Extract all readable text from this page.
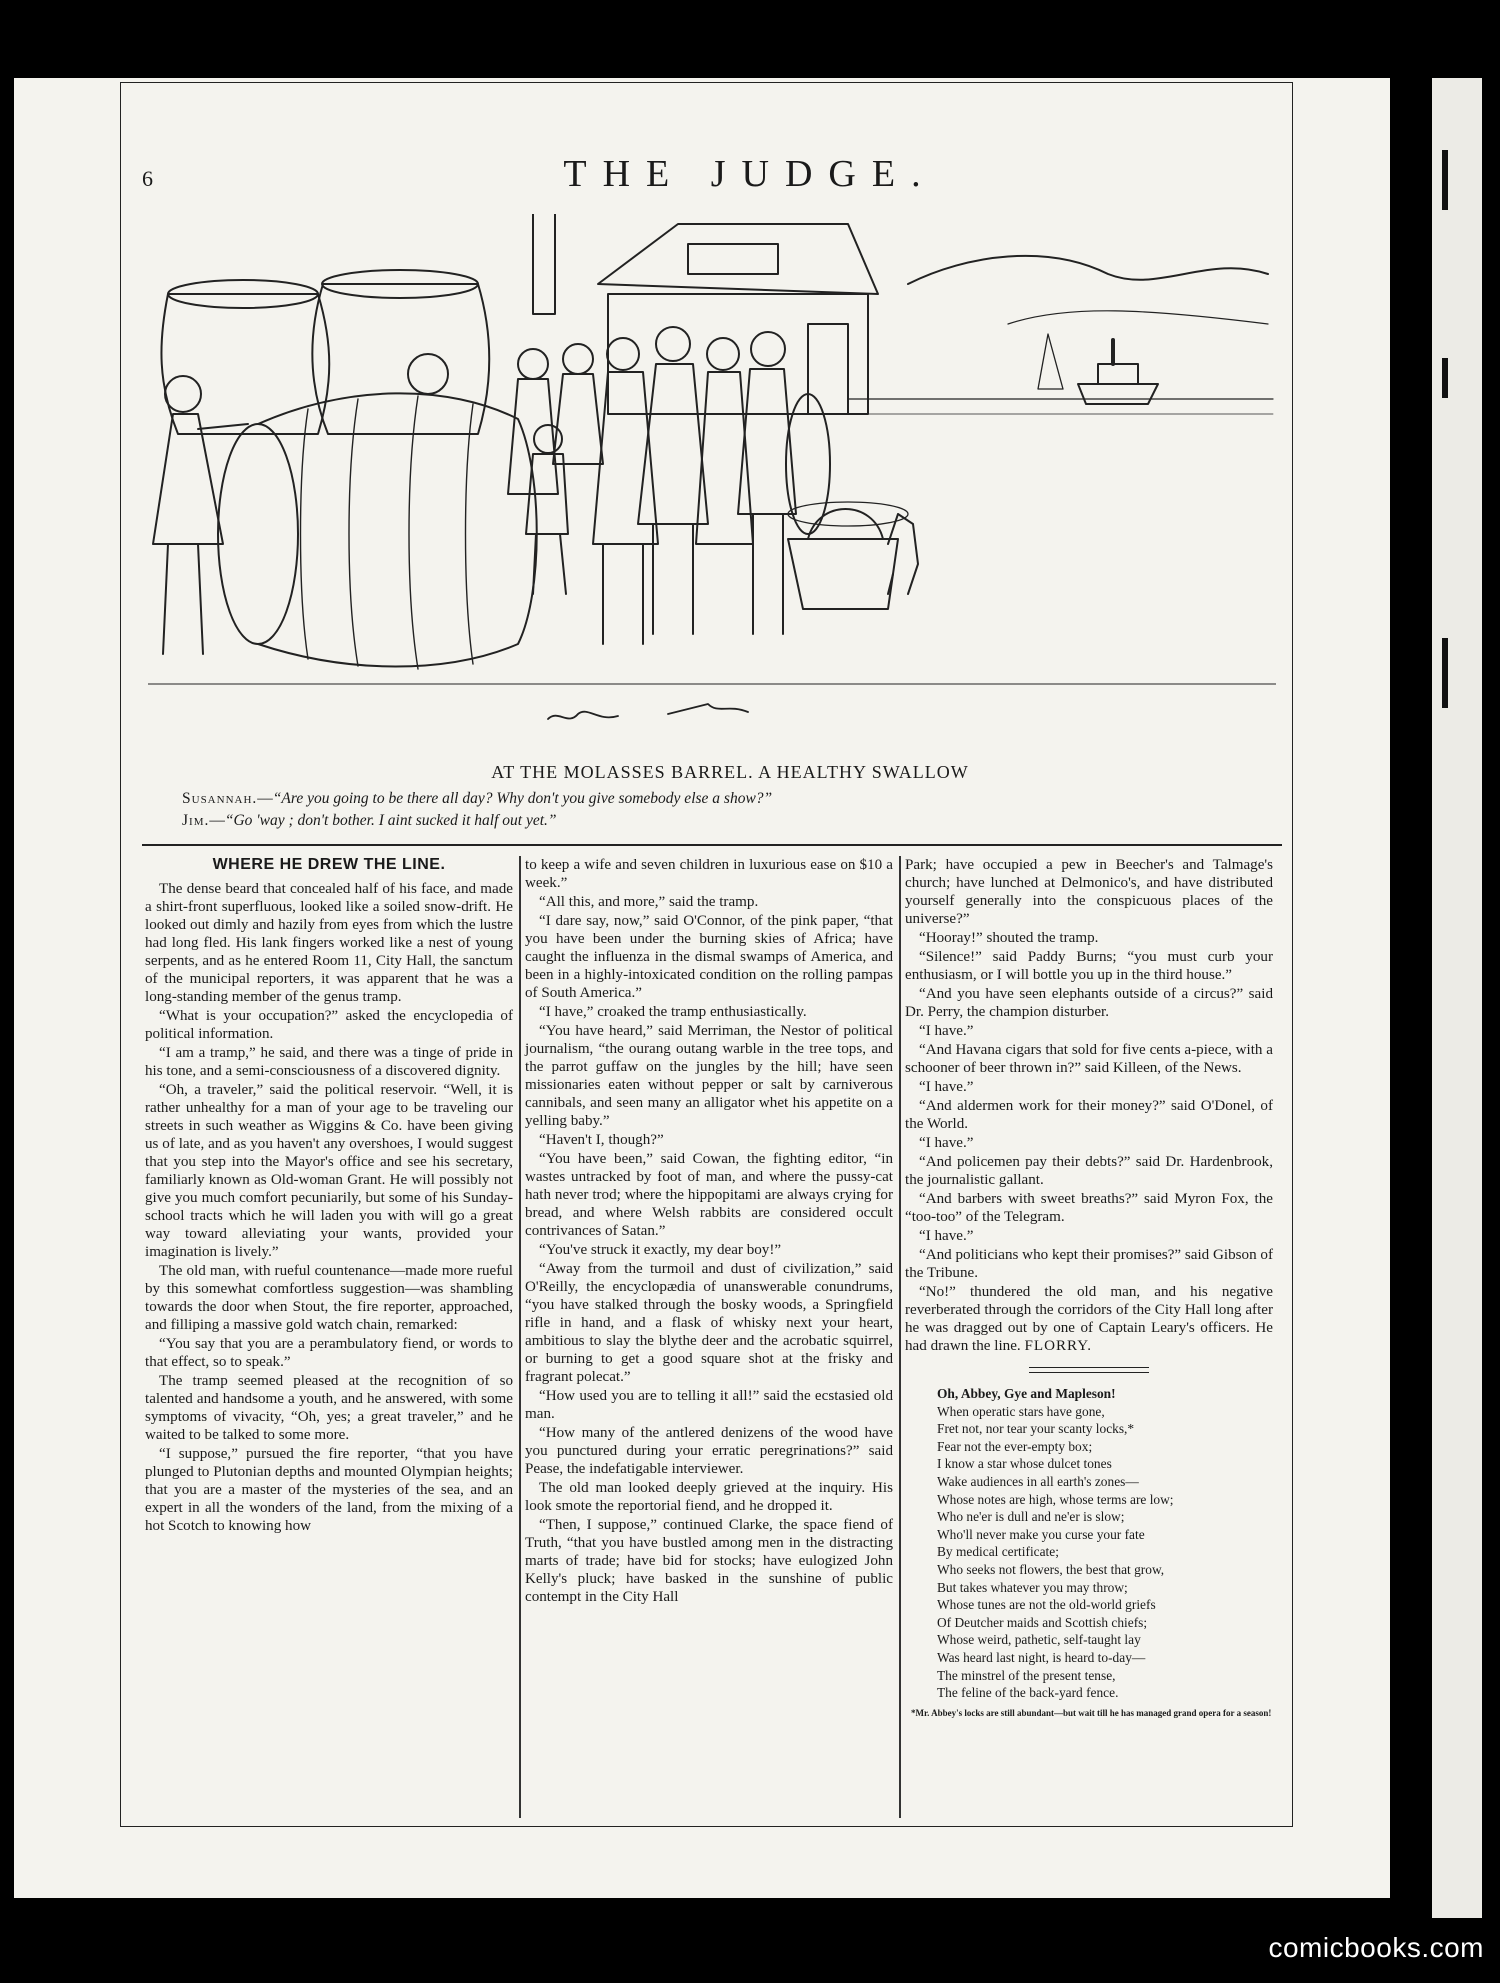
6	THE JUDGE.
AT THE MOLASSES BARREL. A HEALTHY SWALLOW
Susannah.—“Are you going to be there all day? Why don't you give somebody else a show?”
Jim.—“Go 'way ; don't bother. I aint sucked it half out yet.”
WHERE HE DREW THE LINE.

The dense beard that concealed half of his face, and made a shirt-front superfluous, looked like a soiled snow-drift. He looked out dimly and hazily from eyes from which the lustre had long fled. His lank fingers worked like a nest of young serpents, and as he entered Room 11, City Hall, the sanctum of the municipal reporters, it was apparent that he was a long-standing member of the genus tramp.

“What is your occupation?” asked the encyclopedia of political information.

“I am a tramp,” he said, and there was a tinge of pride in his tone, and a semi-consciousness of a discovered dignity.

“Oh, a traveler,” said the political reservoir. “Well, it is rather unhealthy for a man of your age to be traveling our streets in such weather as Wiggins & Co. have been giving us of late, and as you haven't any overshoes, I would suggest that you step into the Mayor's office and see his secretary, familiarly known as Old-woman Grant. He will possibly not give you much comfort pecuniarily, but some of his Sunday-school tracts which he will laden you with will go a great way toward alleviating your wants, provided your imagination is lively.”

The old man, with rueful countenance—made more rueful by this somewhat comfortless suggestion—was shambling towards the door when Stout, the fire reporter, approached, and filliping a massive gold watch chain, remarked:

“You say that you are a perambulatory fiend, or words to that effect, so to speak.”

The tramp seemed pleased at the recognition of so talented and handsome a youth, and he answered, with some symptoms of vivacity, “Oh, yes; a great traveler,” and he waited to be talked to some more.

“I suppose,” pursued the fire reporter, “that you have plunged to Plutonian depths and mounted Olympian heights; that you are a master of the mysteries of the sea, and an expert in all the wonders of the land, from the mixing of a hot Scotch to knowing how

to keep a wife and seven children in luxurious ease on $10 a week.”

“All this, and more,” said the tramp.

“I dare say, now,” said O'Connor, of the pink paper, “that you have been under the burning skies of Africa; have caught the influenza in the dismal swamps of America, and been in a highly-intoxicated condition on the rolling pampas of South America.”

“I have,” croaked the tramp enthusiastically.

“You have heard,” said Merriman, the Nestor of political journalism, “the ourang outang warble in the tree tops, and the parrot guffaw on the jungles by the hill; have seen missionaries eaten without pepper or salt by carniverous cannibals, and seen many an alligator whet his appetite on a yelling baby.”

“Haven't I, though?”

“You have been,” said Cowan, the fighting editor, “in wastes untracked by foot of man, and where the pussy-cat hath never trod; where the hippopitami are always crying for bread, and where Welsh rabbits are considered occult contrivances of Satan.”

“You've struck it exactly, my dear boy!”

“Away from the turmoil and dust of civilization,” said O'Reilly, the encyclopædia of unanswerable conundrums, “you have stalked through the bosky woods, a Springfield rifle in hand, and a flask of whisky next your heart, ambitious to slay the blythe deer and the acrobatic squirrel, or burning to get a good square shot at the frisky and fragrant polecat.”

“How used you are to telling it all!” said the ecstasied old man.

“How many of the antlered denizens of the wood have you punctured during your erratic peregrinations?” said Pease, the indefatigable interviewer.

The old man looked deeply grieved at the inquiry. His look smote the reportorial fiend, and he dropped it.

“Then, I suppose,” continued Clarke, the space fiend of Truth, “that you have bustled among men in the distracting marts of trade; have bid for stocks; have eulogized John Kelly's pluck; have basked in the sunshine of public contempt in the City Hall

Park; have occupied a pew in Beecher's and Talmage's church; have lunched at Delmonico's, and have distributed yourself generally into the conspicuous places of the universe?”

“Hooray!” shouted the tramp.

“Silence!” said Paddy Burns; “you must curb your enthusiasm, or I will bottle you up in the third house.”

“And you have seen elephants outside of a circus?” said Dr. Perry, the champion disturber.

“I have.”

“And Havana cigars that sold for five cents a-piece, with a schooner of beer thrown in?” said Killeen, of the News.

“I have.”

“And aldermen work for their money?” said O'Donel, of the World.

“I have.”

“And policemen pay their debts?” said Dr. Hardenbrook, the journalistic gallant.

“And barbers with sweet breaths?” said Myron Fox, the “too-too” of the Telegram.

“I have.”

“And politicians who kept their promises?” said Gibson of the Tribune.

“No!” thundered the old man, and his negative reverberated through the corridors of the City Hall long after he was dragged out by one of Captain Leary's officers. He had drawn the line. FLORRY.

Oh, Abbey, Gye and Mapleson!
When operatic stars have gone,
Fret not, nor tear your scanty locks,*
Fear not the ever-empty box;
I know a star whose dulcet tones
Wake audiences in all earth's zones—
Whose notes are high, whose terms are low;
Who ne'er is dull and ne'er is slow;
Who'll never make you curse your fate
By medical certificate;
Who seeks not flowers, the best that grow,
But takes whatever you may throw;
Whose tunes are not the old-world griefs
Of Deutcher maids and Scottish chiefs;
Whose weird, pathetic, self-taught lay
Was heard last night, is heard to-day—
The minstrel of the present tense,
The feline of the back-yard fence.
*Mr. Abbey's locks are still abundant—but wait till he has managed grand opera for a season!
comicbooks.com
